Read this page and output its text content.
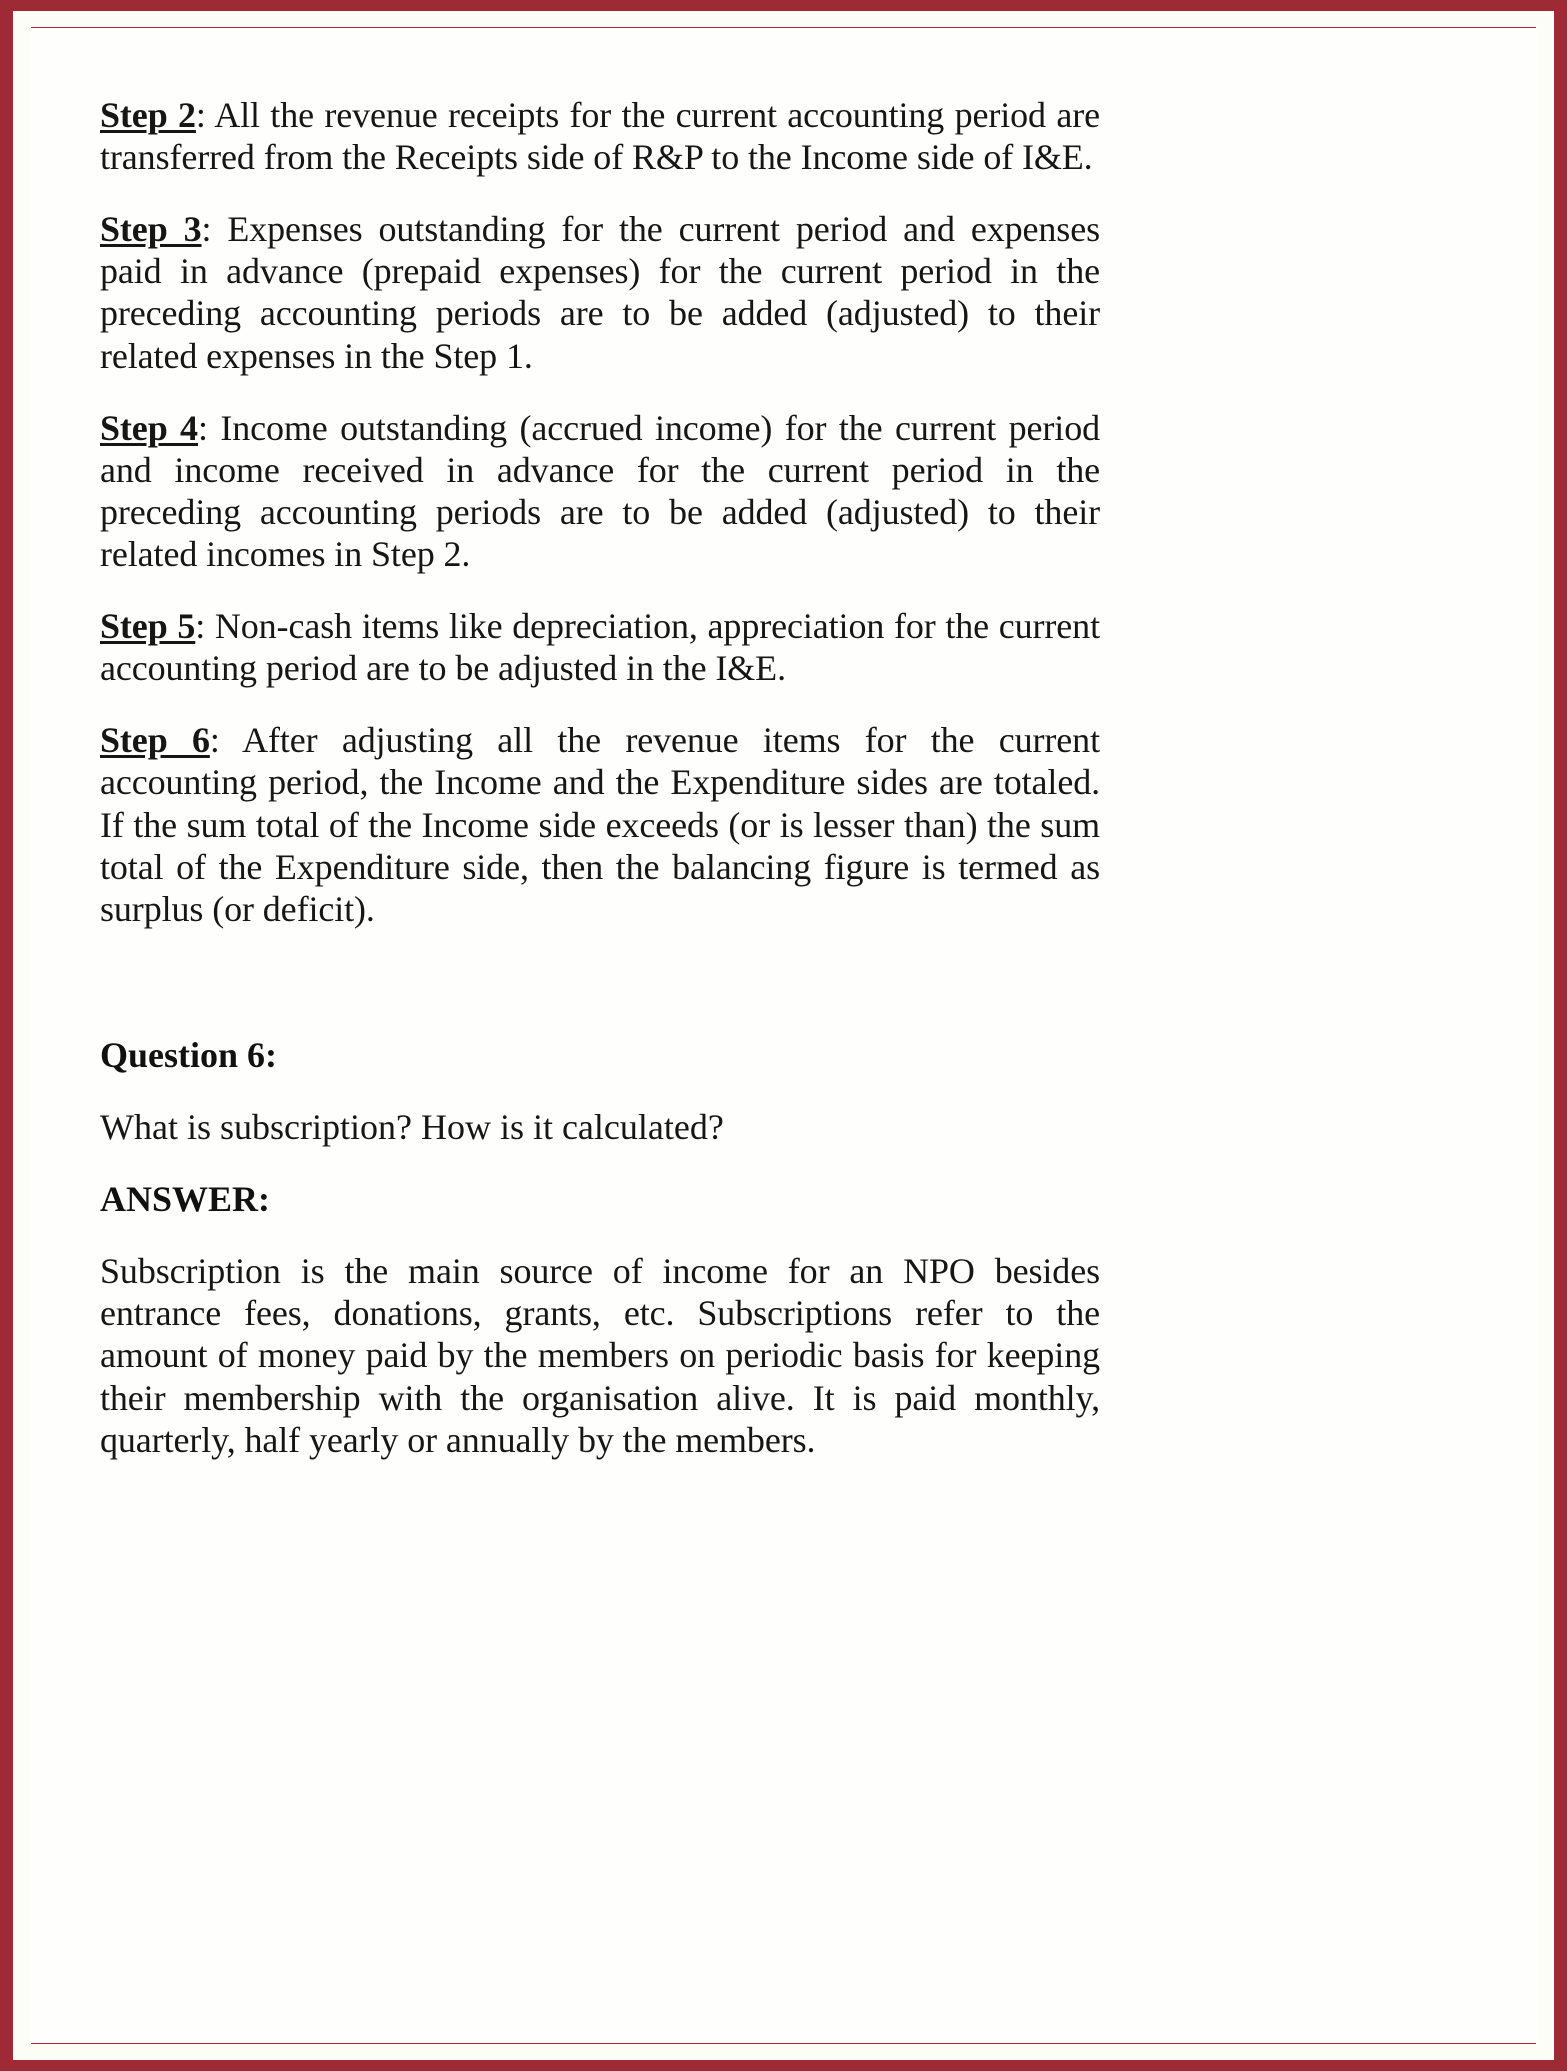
Step 2: All the revenue receipts for the current accounting period are transferred from the Receipts side of R&P to the Income side of I&E.

Step 3: Expenses outstanding for the current period and expenses paid in advance (prepaid expenses) for the current period in the preceding accounting periods are to be added (adjusted) to their related expenses in the Step 1.

Step 4: Income outstanding (accrued income) for the current period and income received in advance for the current period in the preceding accounting periods are to be added (adjusted) to their related incomes in Step 2.

Step 5: Non-cash items like depreciation, appreciation for the current accounting period are to be adjusted in the I&E.

Step 6: After adjusting all the revenue items for the current accounting period, the Income and the Expenditure sides are totaled. If the sum total of the Income side exceeds (or is lesser than) the sum total of the Expenditure side, then the balancing figure is termed as surplus (or deficit).

Question 6:

What is subscription? How is it calculated?

ANSWER:

Subscription is the main source of income for an NPO besides entrance fees, donations, grants, etc. Subscriptions refer to the amount of money paid by the members on periodic basis for keeping their membership with the organisation alive. It is paid monthly, quarterly, half yearly or annually by the members.
